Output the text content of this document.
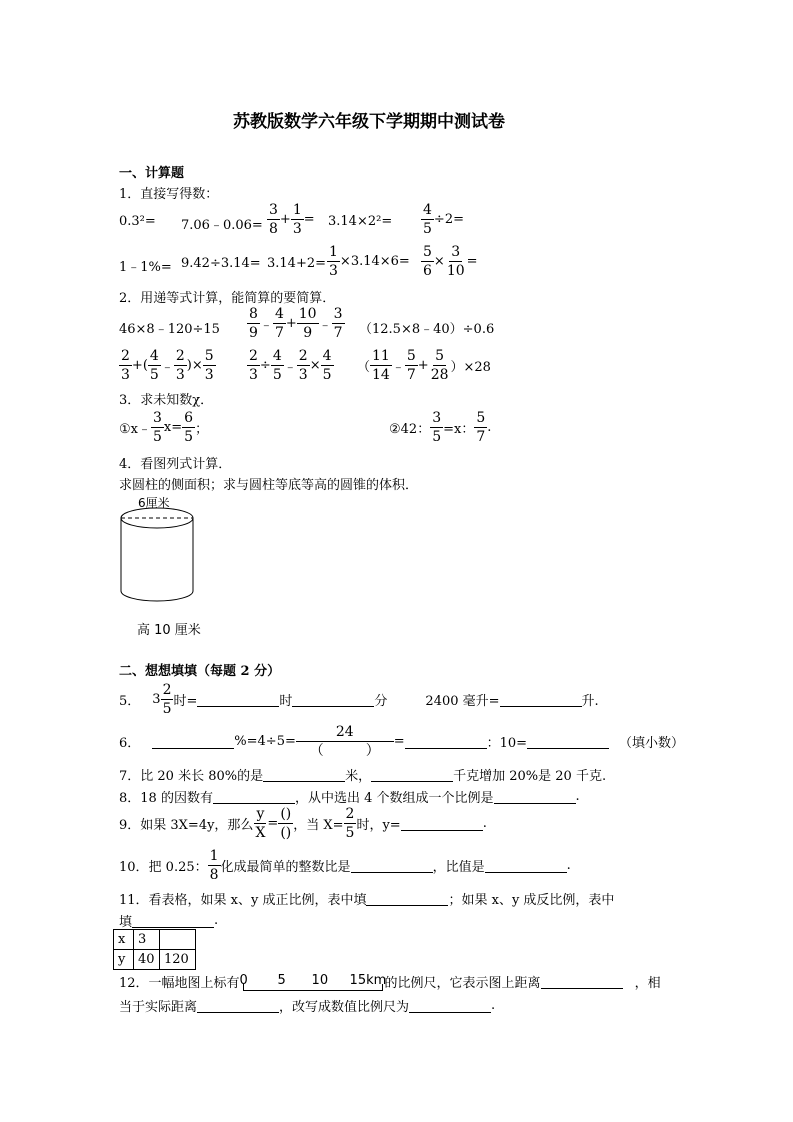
苏教版数学六年级下学期期中测试卷
一、计算题
1．直接写得数：
0.3²= 7.06﹣0.06= $\frac{3}{8} + \frac{1}{3} = 3.14\times 2^2= \frac{4}{5} \div 2=$
1﹣1%= $9.42\div 3.14= 3.14+2= \frac{1}{3} \times 3.14\times 6= \frac{5}{6} \times \frac{3}{10}$ =
2．用递等式计算，能简算的要简算．
46×8﹣120÷15 $\frac{8}{9}$ ﹣ $\frac{4}{7} + \frac{10}{9}$ ﹣ $\frac{3}{7}$ （12.5×8﹣40）÷0.6
$\frac{2}{3}$ +( $\frac{4}{5}$ ﹣ $\frac{2}{3}$ )× $\frac{5}{3} \frac{2}{3} \div \frac{4}{5}$ ﹣ $\frac{2}{3} \times \frac{4}{5}$ （ $\frac{11}{14}$ ﹣ $\frac{5}{7} + \frac{5}{28} )\times 28$
3．求未知数χ．
①x﹣ $\frac{3}{5} x= \frac{6}{5}$ ；	②42： $\frac{3}{5} =x$： $\frac{5}{7}$ .
4．看图列式计算．
求圆柱的侧面积；求与圆柱等底等高的圆锥的体积．
6厘米
高 10 厘米
二、想想填填（每题 2 分）
5． $3 \frac{2}{5}$ 时=	时	分	2400 毫升=	升.
6．	$\%=4\div 5= \frac{24}{( )}$ =	：10=	（填小数）
7．比 20 米长 80%的是	米，	千克增加 20%是 20 千克.
8．18 的因数有	，从中选出 4 个数组成一个比例是	.
9．如果 3X=4y，那么 $\frac{y}{X} = \frac{()}{()}$ ，当 $X= \frac{2}{5}$ 时，y=	.
10．把 0.25： $\frac{1}{8}$ 化成最简单的整数比是	，比值是	.
11．看表格，如果 x、y 成正比例，表中填	；如果 x、y 成反比例，表中
填	.
x	3	
y	40	120
12．一幅地图上标有 0 5 10 15km
的比例尺，它表示图上距离	，相
当于实际距离	，改写成数值比例尺为	.
